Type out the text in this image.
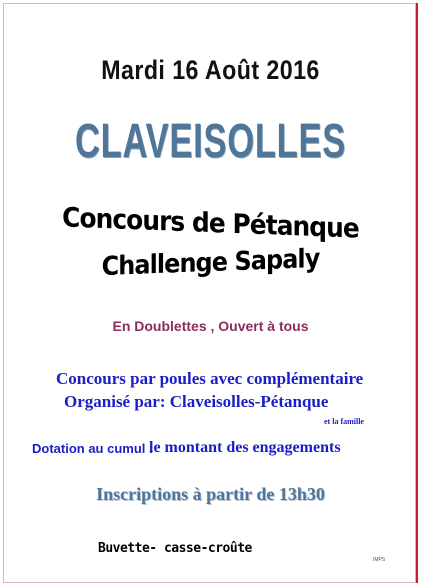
Mardi 16 Août 2016
CLAVEISOLLES
Concours de Pétanque
Challenge Sapaly
En Doublettes , Ouvert à tous
Concours par poules avec complémentaire
Organisé par: Claveisolles-Pétanque
et la famille
Dotation au cumul :
le montant des engagements
Inscriptions à partir de 13h30
Buvette- casse-croûte
IMPS
